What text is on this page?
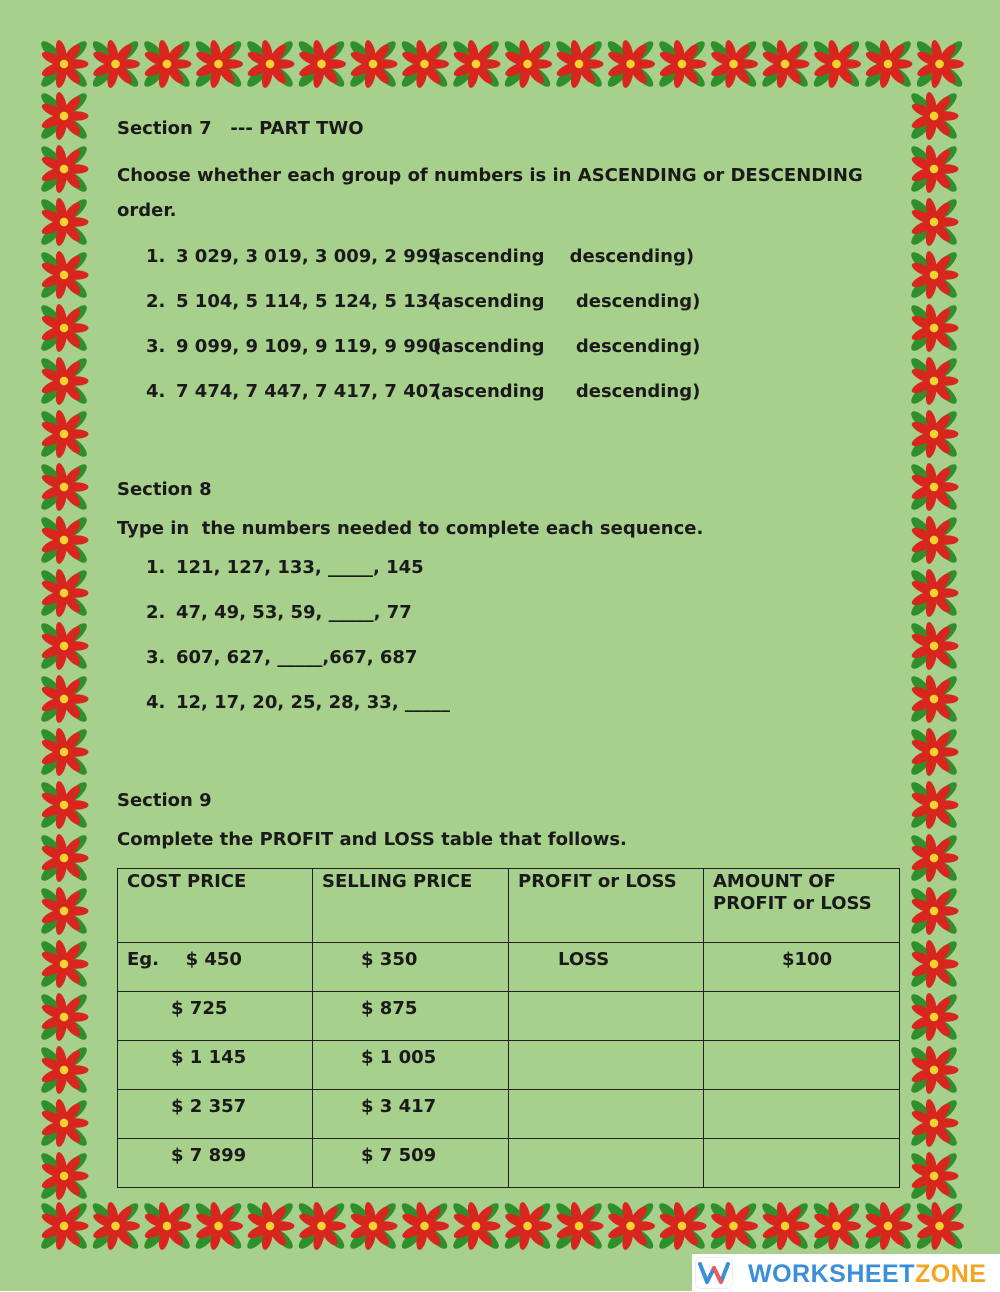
Section 7   --- PART TWO
Choose whether each group of numbers is in ASCENDING or DESCENDING
order.
1. 3 029, 3 019, 3 009, 2 999
(ascending    descending)
2. 5 104, 5 114, 5 124, 5 134
(ascending     descending)
3. 9 099, 9 109, 9 119, 9 990
(ascending     descending)
4. 7 474, 7 447, 7 417, 7 407
(ascending     descending)
Section 8
Type in  the numbers needed to complete each sequence.
1. 121, 127, 133, _____, 145
2. 47, 49, 53, 59, _____, 77
3. 607, 627, _____,667, 687
4. 12, 17, 20, 25, 28, 33, _____
Section 9
Complete the PROFIT and LOSS table that follows.
COST PRICE	SELLING PRICE	PROFIT or LOSS	AMOUNT OF PROFIT or LOSS
Eg. $ 450	$ 350	LOSS	$100
$ 725	$ 875		
$ 1 145	$ 1 005		
$ 2 357	$ 3 417		
$ 7 899	$ 7 509		
WORKSHEETZONE
